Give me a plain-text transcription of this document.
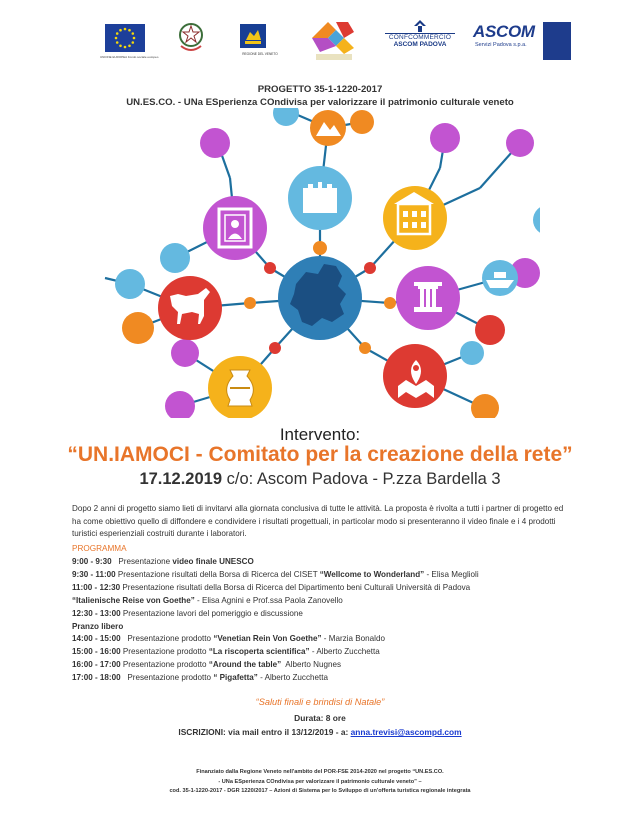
UNIONE EUROPEA Fondo sociale europeo
REGIONE DEL VENETO
CONFCOMMERCIO
ASCOM PADOVA
ASCOM
Servizi Padova s.p.a.
PROGETTO 35-1-1220-2017
UN.ES.CO. - UNa ESperienza COndivisa per valorizzare il patrimonio culturale veneto
Intervento:
“UN.IAMOCI - Comitato per la creazione della rete”
17.12.2019 c/o: Ascom Padova - P.zza Bardella 3
Dopo 2 anni di progetto siamo lieti di invitarvi alla giornata conclusiva di tutte le attività. La proposta è rivolta a tutti i partner di progetto ed ha come obiettivo quello di diffondere e condividere i risultati progettuali, in particolar modo si presenteranno il video finale e i 4 prodotti turistici esperienziali costruiti durante i laboratori.
PROGRAMMA
9:00 - 9:30 Presentazione video finale UNESCO
9:30 - 11:00 Presentazione risultati della Borsa di Ricerca del CISET “Wellcome to Wonderland” - Elisa Meglioli
11:00 - 12:30 Presentazione risultati della Borsa di Ricerca del Dipartimento beni Culturali Università di Padova
“Italienische Reise von Goethe” - Elisa Agnini e Prof.ssa Paola Zanovello
12:30 - 13:00 Presentazione lavori del pomeriggio e discussione
Pranzo libero
14:00 - 15:00 Presentazione prodotto “Venetian Rein Von Goethe” - Marzia Bonaldo
15:00 - 16:00 Presentazione prodotto “La riscoperta scientifica” - Alberto Zucchetta
16:00 - 17:00 Presentazione prodotto “Around the table”  Alberto Nugnes
17:00 - 18:00 Presentazione prodotto “ Pigafetta” - Alberto Zucchetta
“Saluti finali e brindisi di Natale”
Durata: 8 ore
ISCRIZIONI: via mail entro il 13/12/2019 - a: anna.trevisi@ascompd.com
Finanziato dalla Regione Veneto nell'ambito del POR-FSE 2014-2020 nel progetto “UN.ES.CO.
- UNa ESperienza COndivisa per valorizzare il patrimonio culturale veneto” –
cod. 35-1-1220-2017 - DGR 1220/2017 – Azioni di Sistema per lo Sviluppo di un'offerta turistica regionale integrata
